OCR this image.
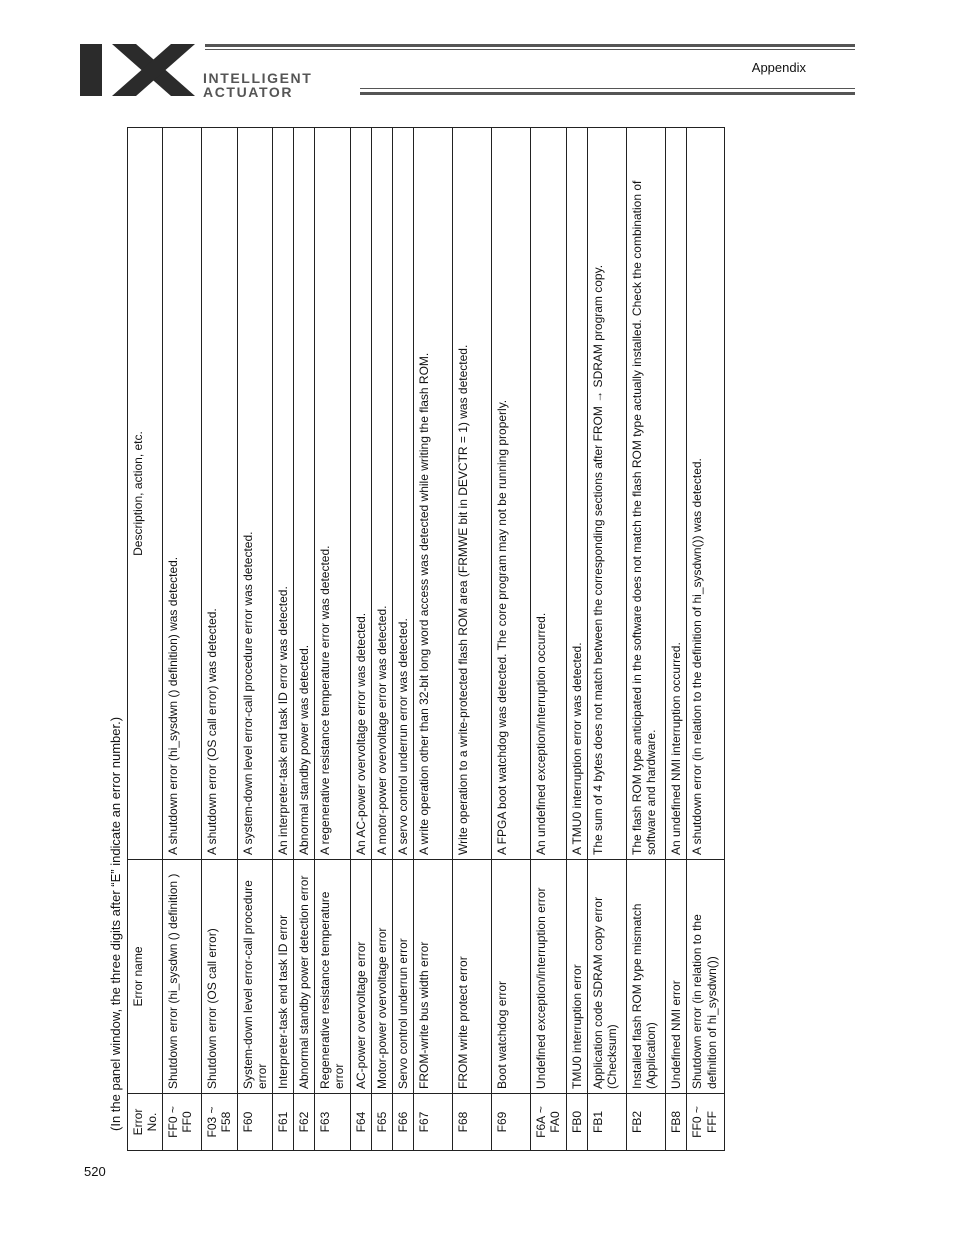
INTELLIGENT
ACTUATOR
Appendix
(In the panel window, the three digits after “E” indicate an error number.) Error No.	Error name	Description, action, etc.
FF0 ~ FF0	Shutdown error (hi_sysdwn () definition )	A shutdown error (hi_sysdwn () definition) was detected.
F03 ~ F58	Shutdown error (OS call error)	A shutdown error (OS call error) was detected.
F60	System-down level error-call procedure error	A system-down level error-call procedure error was detected.
F61	Interpreter-task end task ID error	An interpreter-task end task ID error was detected.
F62	Abnormal standby power detection error	Abnormal standby power was detected.
F63	Regenerative resistance temperature error	A regenerative resistance temperature error was detected.
F64	AC-power overvoltage error	An AC-power overvoltage error was detected.
F65	Motor-power overvoltage error	A motor-power overvoltage error was detected.
F66	Servo control underrun error	A servo control underrun error was detected.
F67	FROM-write bus width error	A write operation other than 32-bit long word access was detected while writing the flash ROM.
F68	FROM write protect error	Write operation to a write-protected flash ROM area (FRMWE bit in DEVCTR = 1) was detected.
F69	Boot watchdog error	A FPGA boot watchdog was detected. The core program may not be running properly.
F6A ~ FA0	Undefined exception/interruption error	An undefined exception/interruption occurred.
FB0	TMU0 interruption error	A TMU0 interruption error was detected.
FB1	Application code SDRAM copy error (Checksum)	The sum of 4 bytes does not match between the corresponding sections after FROM → SDRAM program copy.
FB2	Installed flash ROM type mismatch (Application)	The flash ROM type anticipated in the software does not match the flash ROM type actually installed. Check the combination of software and hardware.
FB8	Undefined NMI error	An undefined NMI interruption occurred.
FF0 ~ FFF	Shutdown error (in relation to the definition of hi_sysdwn())	A shutdown error (in relation to the definition of hi_sysdwn()) was detected.
520
